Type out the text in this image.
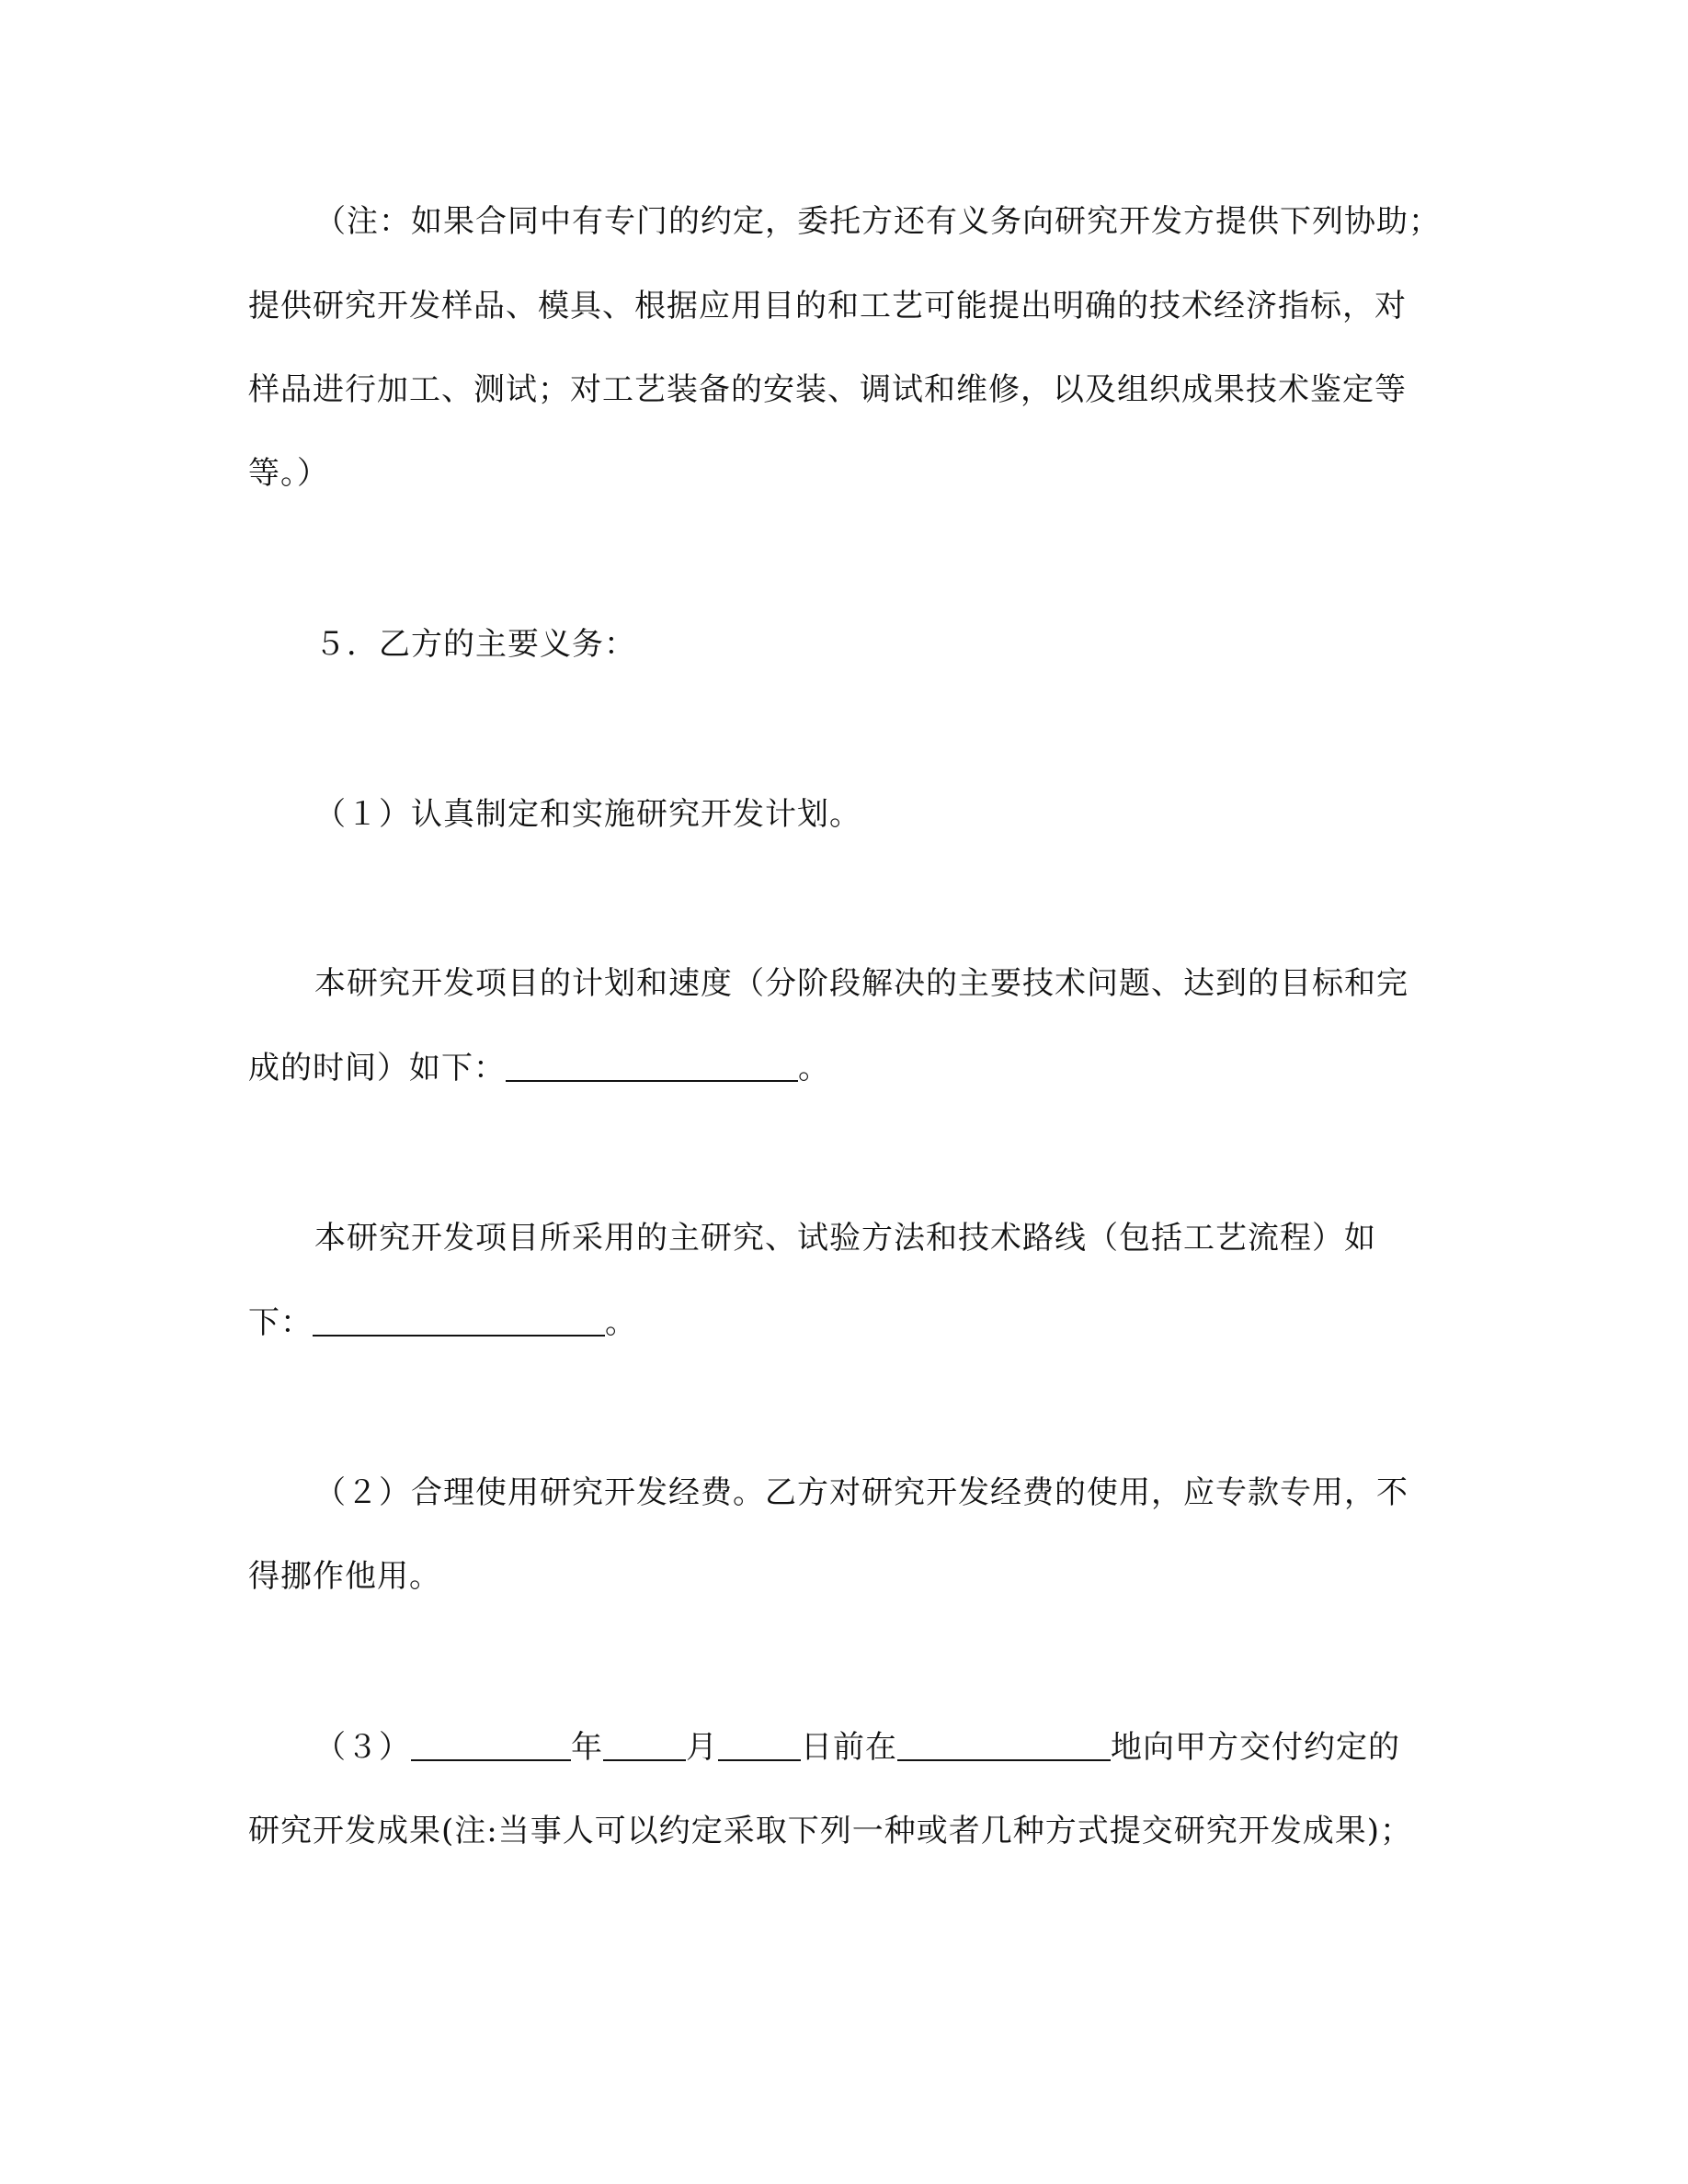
（注：如果合同中有专门的约定，委托方还有义务向研究开发方提供下列协助；
提供研究开发样品、模具、根据应用目的和工艺可能提出明确的技术经济指标，对
样品进行加工、测试；对工艺装备的安装、调试和维修，以及组织成果技术鉴定等
等。）
５．乙方的主要义务：
（１）认真制定和实施研究开发计划。
本研究开发项目的计划和速度（分阶段解决的主要技术问题、达到的目标和完
成的时间）如下：	。
本研究开发项目所采用的主研究、试验方法和技术路线（包括工艺流程）如
下：	。
（２）合理使用研究开发经费。乙方对研究开发经费的使用，应专款专用，不
得挪作他用。
（３）	年	月	日前在	地向甲方交付约定的
研究开发成果(注:当事人可以约定采取下列一种或者几种方式提交研究开发成果)；
